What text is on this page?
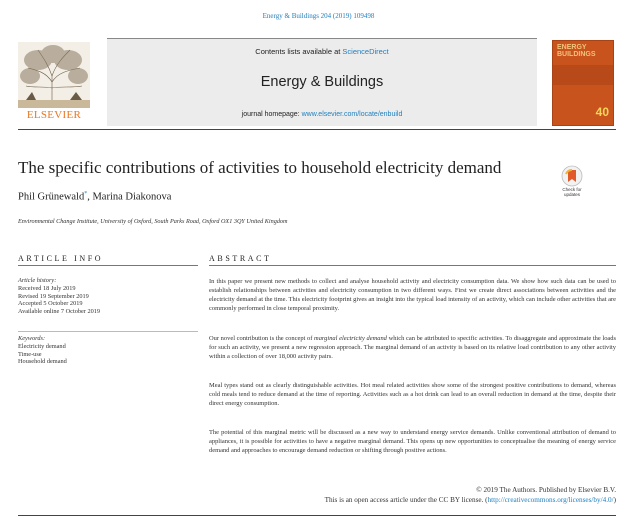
Energy & Buildings 204 (2019) 109498
ELSEVIER
Contents lists available at ScienceDirect
Energy & Buildings
journal homepage: www.elsevier.com/locate/enbuild
ENERGY
BUILDINGS
40
The specific contributions of activities to household electricity demand
Check for
updates
Phil Grünewald*, Marina Diakonova
Environmental Change Institute, University of Oxford, South Parks Road, Oxford OX1 3QY United Kingdom
ARTICLE INFO	ABSTRACT
Article history:
Received 18 July 2019
Revised 19 September 2019
Accepted 5 October 2019
Available online 7 October 2019
Keywords:
Electricity demand
Time-use
Household demand
In this paper we present new methods to collect and analyse household activity and electricity consumption data. We show how such data can be used to establish relationships between activities and electricity consumption in two different ways. First we create direct associations between activities and the electricity demand at the time. This electricity footprint gives an insight into the typical load intensity of an activity, which can include other activities that are commonly performed in close temporal proximity.
Our novel contribution is the concept of marginal electricity demand which can be attributed to specific activities. To disaggregate and approximate the loads for such an activity, we present a new regression approach. The marginal demand of an activity is based on its relative load contribution to any other activity within a collection of over 18,000 activity pairs.
Meal types stand out as clearly distinguishable activities. Hot meal related activities show some of the strongest positive contributions to demand, whereas cold meals tend to reduce demand at the time of reporting. Activities such as a hot drink can lead to an overall reduction in demand at the time, despite their direct energy consumption.
The potential of this marginal metric will be discussed as a new way to understand energy service demands. Unlike conventional attribution of demand to appliances, it is possible for activities to have a negative marginal demand. This opens up new opportunities to conceptualise the meaning of energy service demand and approaches to encourage demand reduction or shifting through positive actions.
© 2019 The Authors. Published by Elsevier B.V.
This is an open access article under the CC BY license. (http://creativecommons.org/licenses/by/4.0/)
